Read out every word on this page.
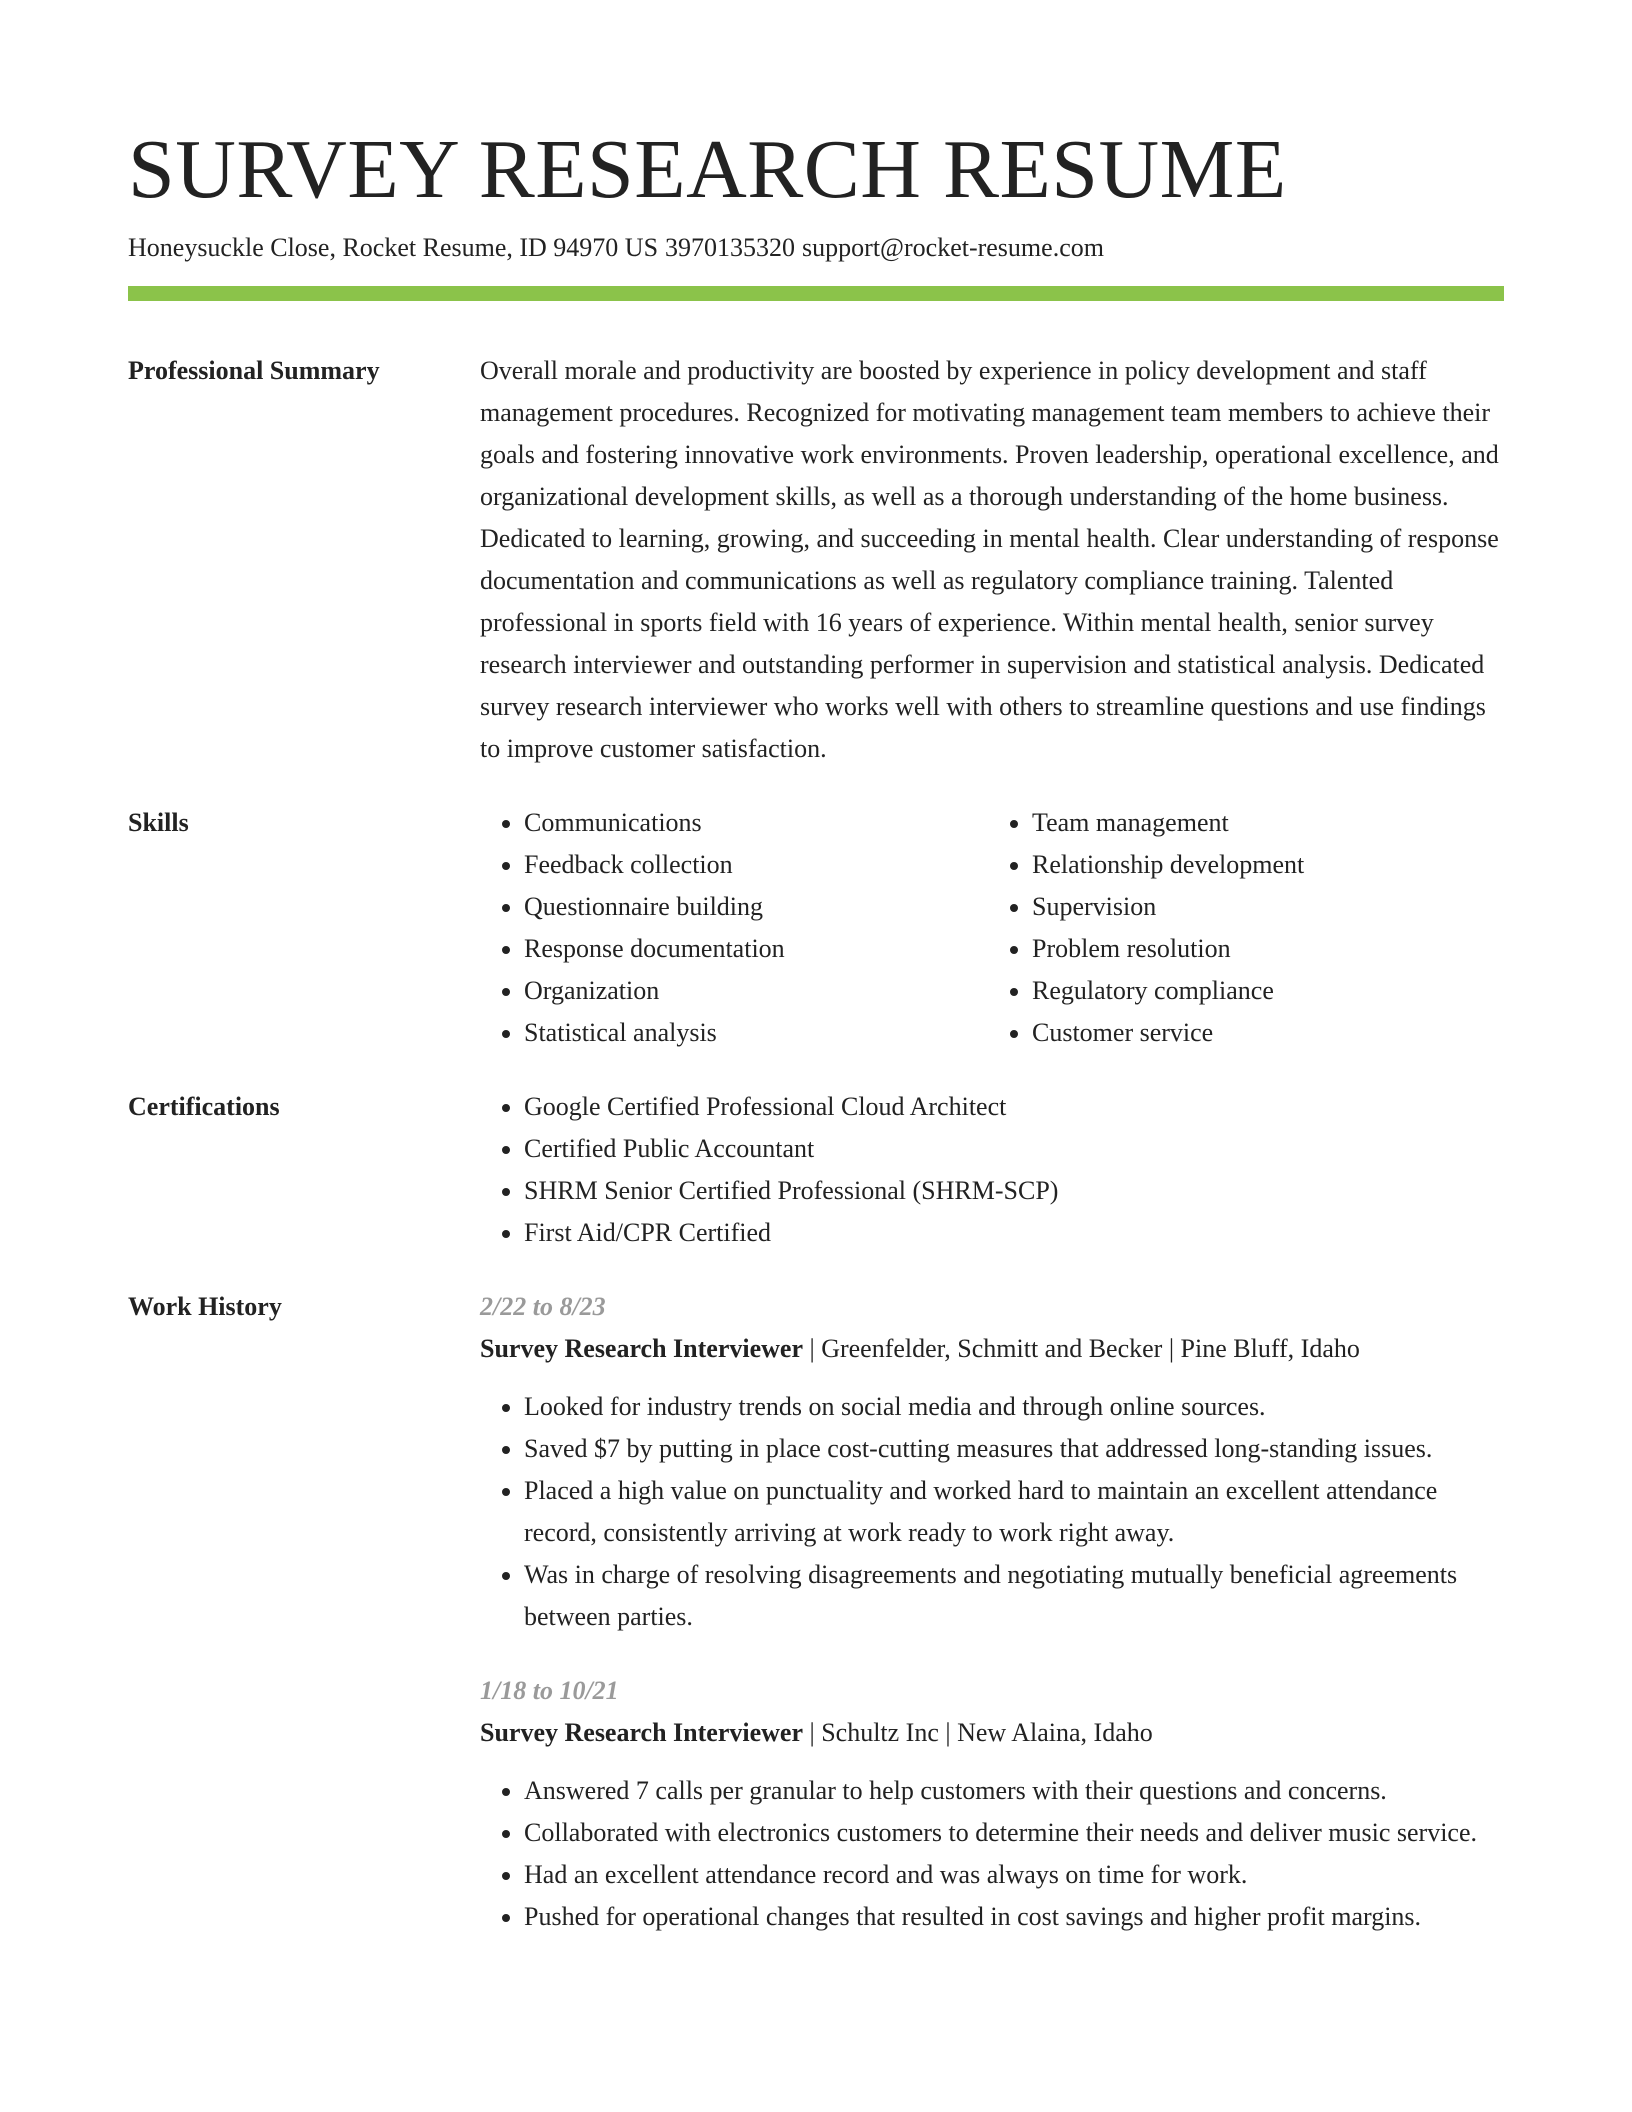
SURVEY RESEARCH RESUME
Honeysuckle Close, Rocket Resume, ID 94970 US 3970135320 support@rocket-resume.com
Professional Summary	Overall morale and productivity are boosted by experience in policy development and staff management procedures. Recognized for motivating management team members to achieve their goals and fostering innovative work environments. Proven leadership, operational excellence, and organizational development skills, as well as a thorough understanding of the home business. Dedicated to learning, growing, and succeeding in mental health. Clear understanding of response documentation and communications as well as regulatory compliance training. Talented professional in sports field with 16 years of experience. Within mental health, senior survey research interviewer and outstanding performer in supervision and statistical analysis. Dedicated survey research interviewer who works well with others to streamline questions and use findings to improve customer satisfaction.

Skills	• Communications
• Feedback collection
• Questionnaire building
• Response documentation
• Organization
• Statistical analysis
• Team management
• Relationship development
• Supervision
• Problem resolution
• Regulatory compliance
• Customer service
Certifications	• Google Certified Professional Cloud Architect
• Certified Public Accountant
• SHRM Senior Certified Professional (SHRM-SCP)
• First Aid/CPR Certified
Work History	2/22 to 8/23
Survey Research Interviewer | Greenfelder, Schmitt and Becker | Pine Bluff, Idaho
• Looked for industry trends on social media and through online sources.
• Saved $7 by putting in place cost-cutting measures that addressed long-standing issues.
• Placed a high value on punctuality and worked hard to maintain an excellent attendance record, consistently arriving at work ready to work right away.
• Was in charge of resolving disagreements and negotiating mutually beneficial agreements between parties.
1/18 to 10/21
Survey Research Interviewer | Schultz Inc | New Alaina, Idaho
• Answered 7 calls per granular to help customers with their questions and concerns.
• Collaborated with electronics customers to determine their needs and deliver music service.
• Had an excellent attendance record and was always on time for work.
• Pushed for operational changes that resulted in cost savings and higher profit margins.
